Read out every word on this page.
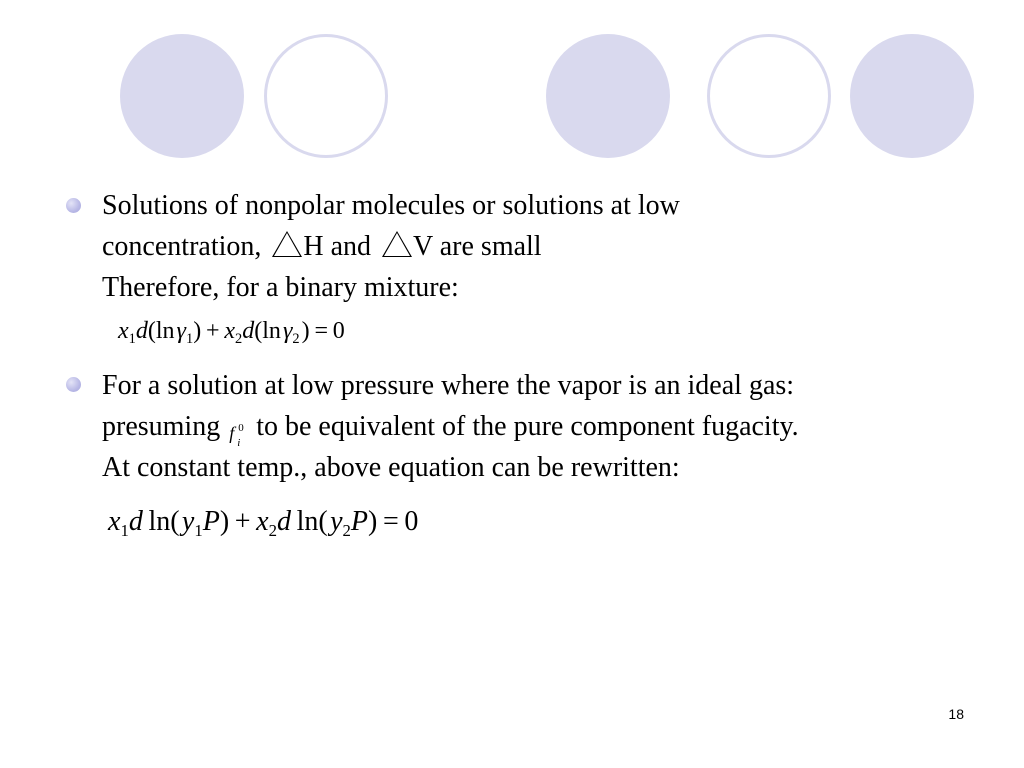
Solutions of nonpolar molecules or solutions at low
concentration, H and V are small
Therefore, for a binary mixture:
$x_1d(\ln$ $\gamma_1) + x_2d(\ln$ $\gamma_2$ )  =  0
For a solution at low pressure where the vapor is an ideal gas:
presuming f 0
i
to be equivalent of the pure component fugacity.
At constant temp., above equation can be rewritten:
$x_1d$  ln( $y_1P) + x_2d$  ln( $y_2P) = 0$
18
